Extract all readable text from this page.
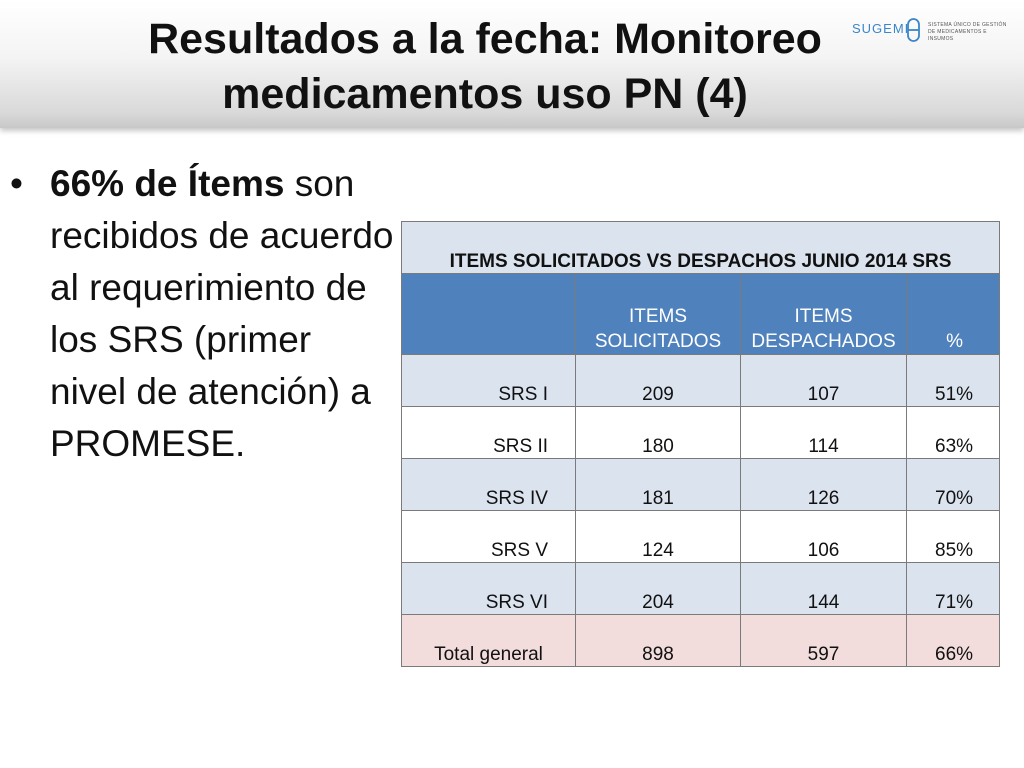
Resultados a la fecha: Monitoreo
medicamentos uso PN (4)
SUGEMI	SISTEMA ÚNICO DE GESTIÓN
DE MEDICAMENTOS E INSUMOS
• 66% de Ítems son recibidos de acuerdo al requerimiento de los SRS (primer nivel de atención) a PROMESE.
ITEMS SOLICITADOS VS DESPACHOS JUNIO 2014 SRS			
	ITEMS SOLICITADOS	ITEMS DESPACHADOS	%
SRS I	209	107	51%
SRS II	180	114	63%
SRS IV	181	126	70%
SRS V	124	106	85%
SRS VI	204	144	71%
Total general	898	597	66%
